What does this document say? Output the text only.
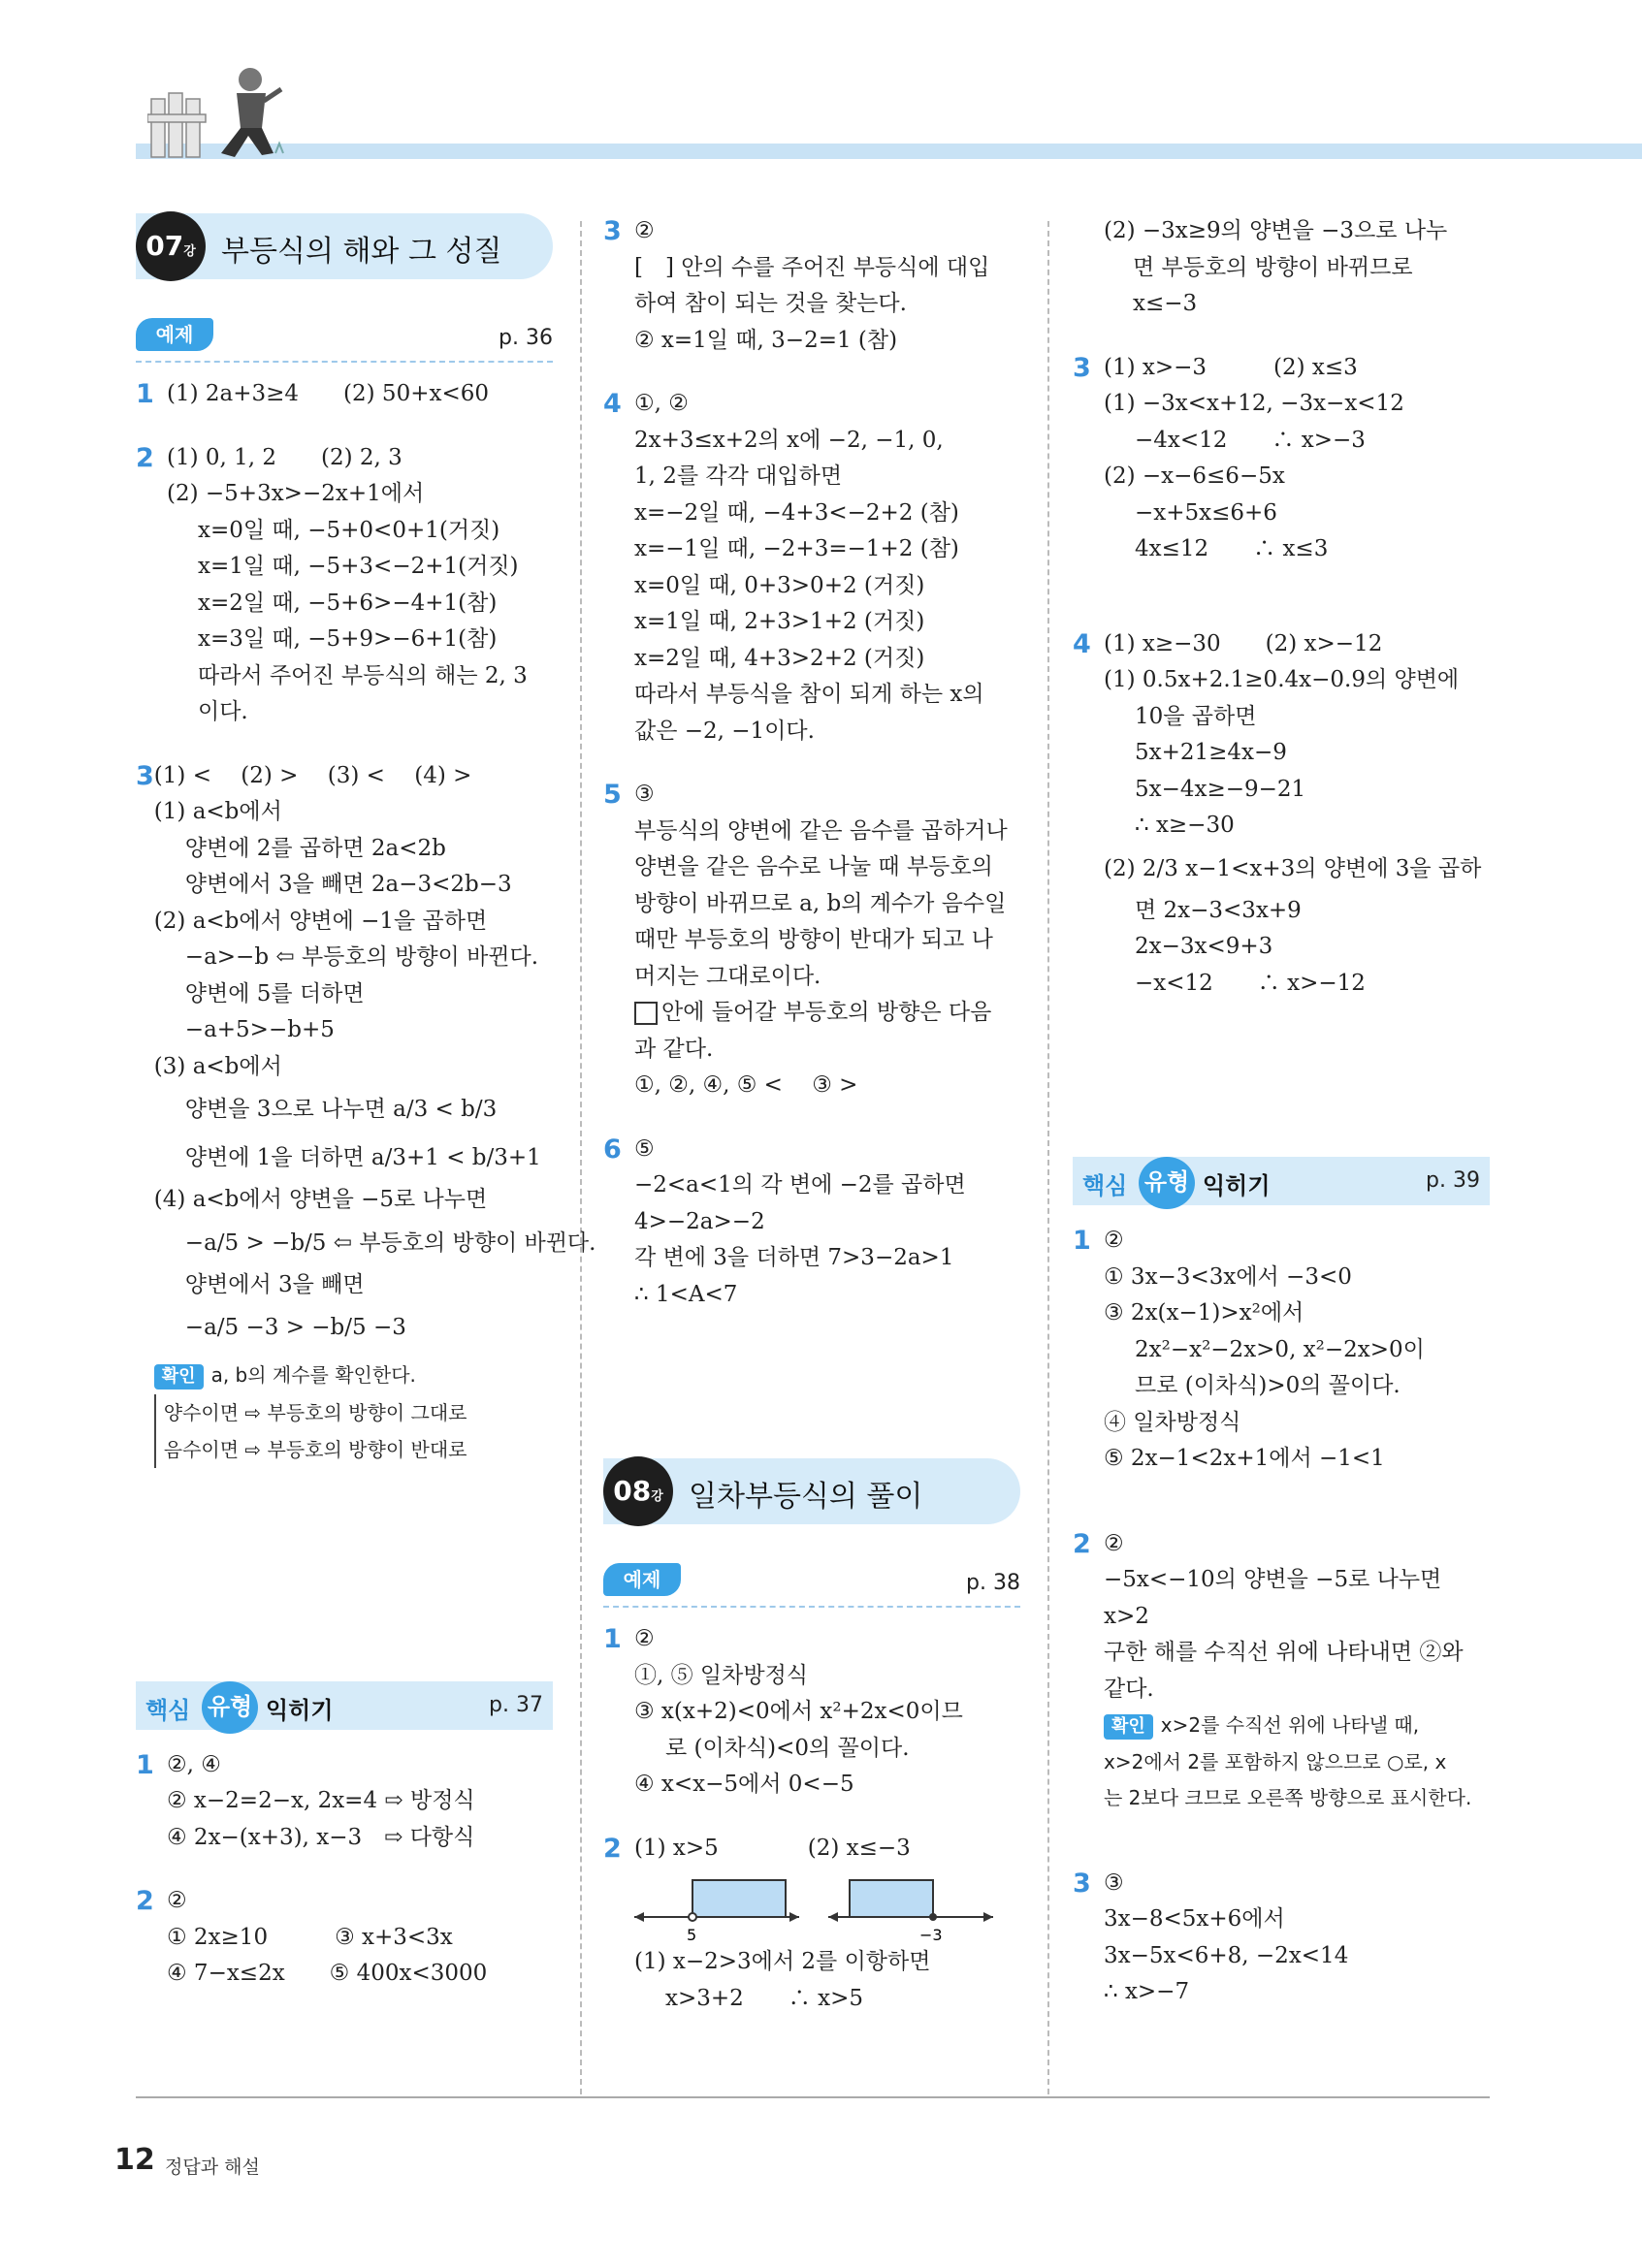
07강 부등식의 해와 그 성질
예제	p. 36
1 (1) 2a+3≥4　　(2) 50+x<60
2 (1) 0, 1, 2　　(2) 2, 3
(2) −5+3x>−2x+1에서
x=0일 때, −5+0<0+1(거짓)
x=1일 때, −5+3<−2+1(거짓)
x=2일 때, −5+6>−4+1(참)
x=3일 때, −5+9>−6+1(참)
따라서 주어진 부등식의 해는 2, 3
이다.
3 (1) <　 (2) >　 (3) <　 (4) >
(1) a<b에서
양변에 2를 곱하면 2a<2b
양변에서 3을 빼면 2a−3<2b−3
(2) a<b에서 양변에 −1을 곱하면
−a>−b ⇦ 부등호의 방향이 바뀐다.
양변에 5를 더하면
−a+5>−b+5
(3) a<b에서
양변을 3으로 나누면 a/3 < b/3
양변에 1을 더하면 a/3+1 < b/3+1
(4) a<b에서 양변을 −5로 나누면
−a/5 > −b/5 ⇦ 부등호의 방향이 바뀐다.
양변에서 3을 빼면
−a/5 −3 > −b/5 −3
확인 a, b의 계수를 확인한다.
양수이면 ⇨ 부등호의 방향이 그대로
음수이면 ⇨ 부등호의 방향이 반대로
핵심 유형 익히기	p. 37
1 ②, ④
② x−2=2−x, 2x=4 ⇨ 방정식
④ 2x−(x+3), x−3　⇨ 다항식
2 ②
① 2x≥10　　　③ x+3<3x
④ 7−x≤2x　　⑤ 400x<3000
3 ②
[　] 안의 수를 주어진 부등식에 대입
하여 참이 되는 것을 찾는다.
② x=1일 때, 3−2=1 (참)
4 ①, ②
2x+3≤x+2의 x에 −2, −1, 0,
1, 2를 각각 대입하면
x=−2일 때, −4+3<−2+2 (참)
x=−1일 때, −2+3=−1+2 (참)
x=0일 때, 0+3>0+2 (거짓)
x=1일 때, 2+3>1+2 (거짓)
x=2일 때, 4+3>2+2 (거짓)
따라서 부등식을 참이 되게 하는 x의
값은 −2, −1이다.
5 ③
부등식의 양변에 같은 음수를 곱하거나
양변을 같은 음수로 나눌 때 부등호의
방향이 바뀌므로 a, b의 계수가 음수일
때만 부등호의 방향이 반대가 되고 나
머지는 그대로이다.
안에 들어갈 부등호의 방향은 다음
과 같다.
①, ②, ④, ⑤ <　 ③ >
6 ⑤
−2<a<1의 각 변에 −2를 곱하면
4>−2a>−2
각 변에 3을 더하면 7>3−2a>1
∴ 1<A<7
08강 일차부등식의 풀이
예제	p. 38
1 ②
①, ⑤ 일차방정식
③ x(x+2)<0에서 x²+2x<0이므
로 (이차식)<0의 꼴이다.
④ x<x−5에서 0<−5
2 (1) x>5　　　　(2) x≤−3
5	−3
(1) x−2>3에서 2를 이항하면
x>3+2　　∴ x>5
(2) −3x≥9의 양변을 −3으로 나누
면 부등호의 방향이 바뀌므로
x≤−3
3 (1) x>−3　　　(2) x≤3
(1) −3x<x+12, −3x−x<12
−4x<12　　∴ x>−3
(2) −x−6≤6−5x
−x+5x≤6+6
4x≤12　　∴ x≤3
4 (1) x≥−30　　(2) x>−12
(1) 0.5x+2.1≥0.4x−0.9의 양변에
10을 곱하면
5x+21≥4x−9
5x−4x≥−9−21
∴ x≥−30
(2) 2/3 x−1<x+3의 양변에 3을 곱하
면 2x−3<3x+9
2x−3x<9+3
−x<12　　∴ x>−12
핵심 유형 익히기	p. 39
1 ②
① 3x−3<3x에서 −3<0
③ 2x(x−1)>x²에서
2x²−x²−2x>0, x²−2x>0이
므로 (이차식)>0의 꼴이다.
④ 일차방정식
⑤ 2x−1<2x+1에서 −1<1
2 ②
−5x<−10의 양변을 −5로 나누면
x>2
구한 해를 수직선 위에 나타내면 ②와
같다.
확인 x>2를 수직선 위에 나타낼 때,
x>2에서 2를 포함하지 않으므로 ○로, x
는 2보다 크므로 오른쪽 방향으로 표시한다.
3 ③
3x−8<5x+6에서
3x−5x<6+8, −2x<14
∴ x>−7
12 정답과 해설
